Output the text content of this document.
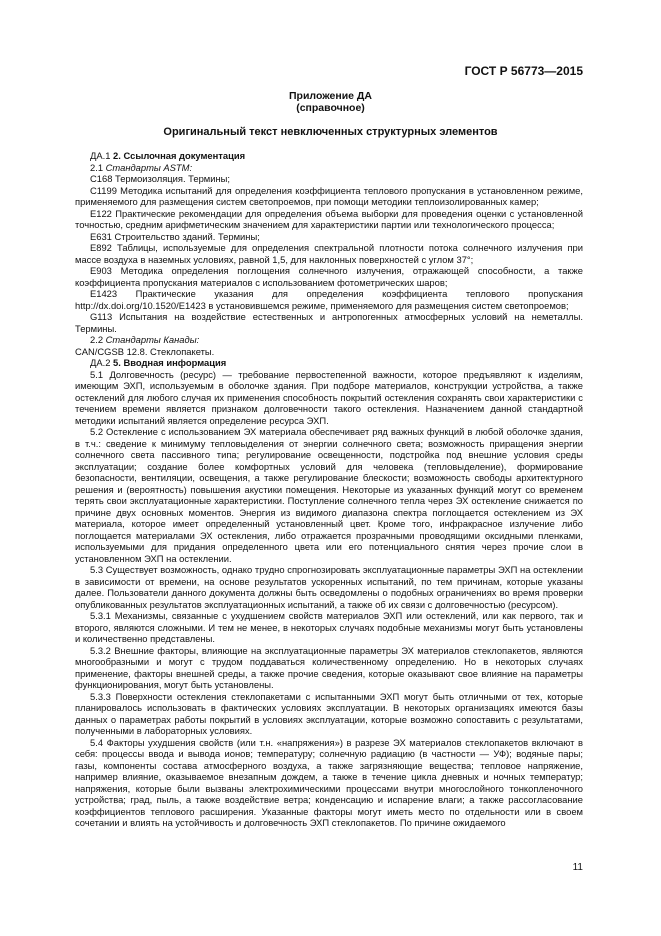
ГОСТ Р 56773—2015
Приложение ДА
(справочное)
Оригинальный текст невключенных структурных элементов

ДА.1 2. Ссылочная документация

2.1 Стандарты ASTM:

С168 Термоизоляция. Термины;

С1199 Методика испытаний для определения коэффициента теплового пропускания в установленном режиме, применяемого для размещения систем светопроемов, при помощи методики теплоизолированных камер;

Е122 Практические рекомендации для определения объема выборки для проведения оценки с установленной точностью, средним арифметическим значением для характеристики партии или технологического процесса;

Е631 Строительство зданий. Термины;

Е892 Таблицы, используемые для определения спектральной плотности потока солнечного излучения при массе воздуха в наземных условиях, равной 1,5, для наклонных поверхностей с углом 37°;

Е903 Методика определения поглощения солнечного излучения, отражающей способности, а также коэффициента пропускания материалов с использованием фотометрических шаров;

Е1423 Практические указания для определения коэффициента теплового пропускания http://dx.doi.org/10.1520/E1423 в установившемся режиме, применяемого для размещения систем светопроемов;

G113 Испытания на воздействие естественных и антропогенных атмосферных условий на неметаллы. Термины.

2.2 Стандарты Канады:

CAN/CGSB 12.8. Стеклопакеты.

ДА.2 5. Вводная информация

5.1 Долговечность (ресурс) — требование первостепенной важности, которое предъявляют к изделиям, имеющим ЭХП, используемым в оболочке здания. При подборе материалов, конструкции устройства, а также остеклений для любого случая их применения способность покрытий остекления сохранять свои характеристики с течением времени является признаком долговечности такого остекления. Назначением данной стандартной методики испытаний является определение ресурса ЭХП.

5.2 Остекление с использованием ЭХ материала обеспечивает ряд важных функций в любой оболочке здания, в т.ч.: сведение к минимуму тепловыделения от энергии солнечного света; возможность приращения энергии солнечного света пассивного типа; регулирование освещенности, подстройка под внешние условия среды эксплуатации; создание более комфортных условий для человека (тепловыделение), формирование безопасности, вентиляции, освещения, а также регулирование блескости; возможность свободы архитектурного решения и (вероятность) повышения акустики помещения. Некоторые из указанных функций могут со временем терять свои эксплуатационные характеристики. Поступление солнечного тепла через ЭХ остекление снижается по причине двух основных моментов. Энергия из видимого диапазона спектра поглощается остеклением из ЭХ материала, которое имеет определенный установленный цвет. Кроме того, инфракрасное излучение либо поглощается материалами ЭХ остекления, либо отражается прозрачными проводящими оксидными пленками, используемыми для придания определенного цвета или его потенциального снятия через прочие слои в установленном ЭХП на остеклении.

5.3 Существует возможность, однако трудно спрогнозировать эксплуатационные параметры ЭХП на остеклении в зависимости от времени, на основе результатов ускоренных испытаний, по тем причинам, которые указаны далее. Пользователи данного документа должны быть осведомлены о подобных ограничениях во время проверки опубликованных результатов эксплуатационных испытаний, а также об их связи с долговечностью (ресурсом).

5.3.1 Механизмы, связанные с ухудшением свойств материалов ЭХП или остеклений, или как первого, так и второго, являются сложными. И тем не менее, в некоторых случаях подобные механизмы могут быть установлены и количественно представлены.

5.3.2 Внешние факторы, влияющие на эксплуатационные параметры ЭХ материалов стеклопакетов, являются многообразными и могут с трудом поддаваться количественному определению. Но в некоторых случаях применение, факторы внешней среды, а также прочие сведения, которые оказывают свое влияние на параметры функционирования, могут быть установлены.

5.3.3 Поверхности остекления стеклопакетами с испытанными ЭХП могут быть отличными от тех, которые планировалось использовать в фактических условиях эксплуатации. В некоторых организациях имеются базы данных о параметрах работы покрытий в условиях эксплуатации, которые возможно сопоставить с результатами, полученными в лабораторных условиях.

5.4 Факторы ухудшения свойств (или т.н. «напряжения») в разрезе ЭХ материалов стеклопакетов включают в себя: процессы ввода и вывода ионов; температуру; солнечную радиацию (в частности — УФ); водяные пары; газы, компоненты состава атмосферного воздуха, а также загрязняющие вещества; тепловое напряжение, например влияние, оказываемое внезапным дождем, а также в течение цикла дневных и ночных температур; напряжения, которые были вызваны электрохимическими процессами внутри многослойного тонкопленочного устройства; град, пыль, а также воздействие ветра; конденсацию и испарение влаги; а также рассогласование коэффициентов теплового расширения. Указанные факторы могут иметь место по отдельности или в своем сочетании и влиять на устойчивость и долговечность ЭХП стеклопакетов. По причине ожидаемого

11
